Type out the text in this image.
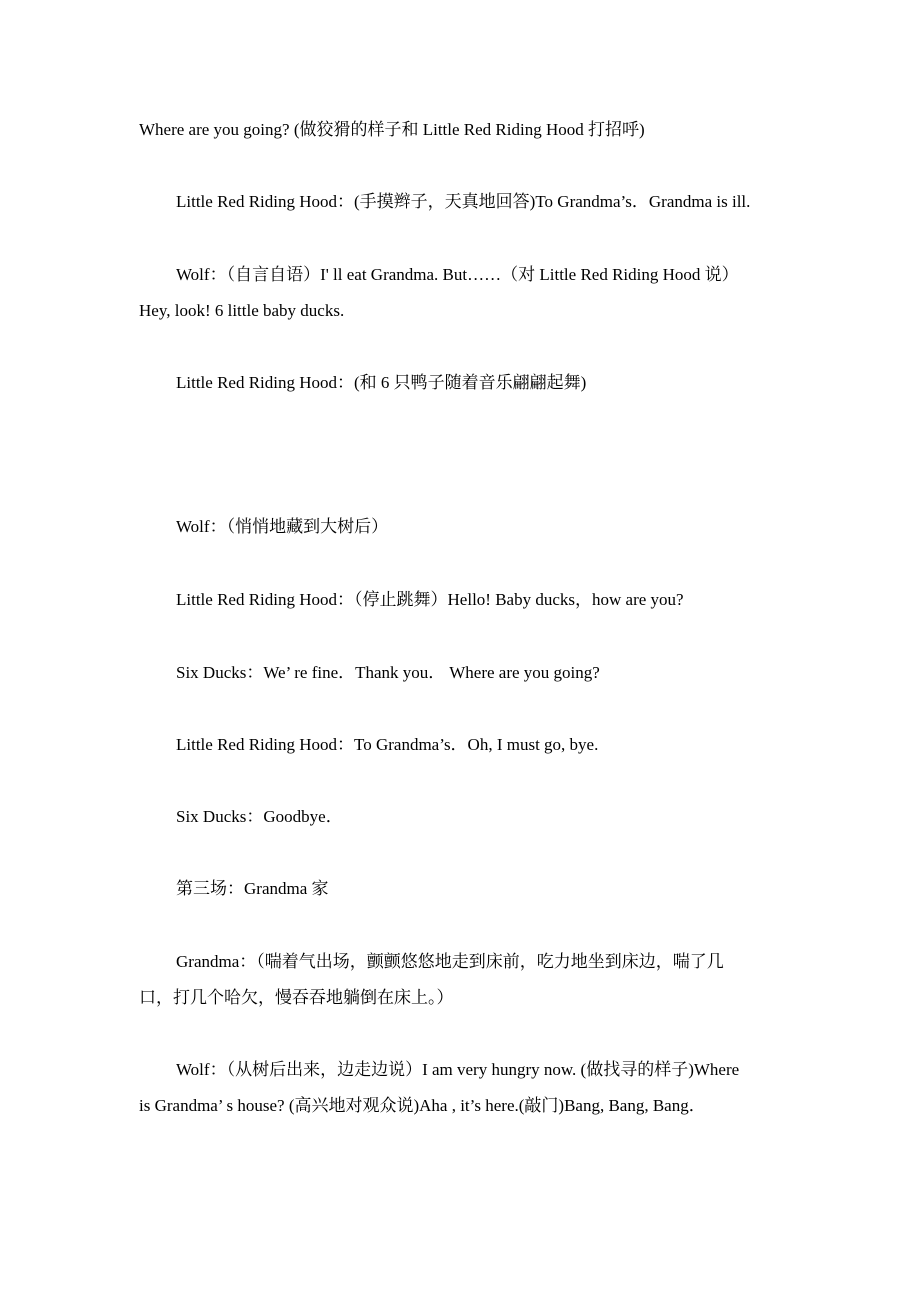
Where are you going? (做狡猾的样子和 Little Red Riding Hood 打招呼)

Little Red Riding Hood：(手摸辫子，天真地回答)To Grandma’s．Grandma is ill.

Wolf：（自言自语）I' ll eat Grandma. But……（对 Little Red Riding Hood 说）
Hey, look! 6 little baby ducks.

Little Red Riding Hood：(和 6 只鸭子随着音乐翩翩起舞)

Wolf：（悄悄地藏到大树后）

Little Red Riding Hood：（停止跳舞）Hello! Baby ducks，how are you?

Six Ducks：We’ re fine．Thank you． Where are you going?

Little Red Riding Hood：To Grandma’s．Oh, I must go, bye.

Six Ducks：Goodbye．

第三场：Grandma 家

Grandma：（喘着气出场，颤颤悠悠地走到床前，吃力地坐到床边，喘了几
口，打几个哈欠，慢吞吞地躺倒在床上。）

Wolf：（从树后出来，边走边说）I am very hungry now. (做找寻的样子)Where
is Grandma’ s house? (高兴地对观众说)Aha , it’s here.(敲门)Bang, Bang, Bang．
